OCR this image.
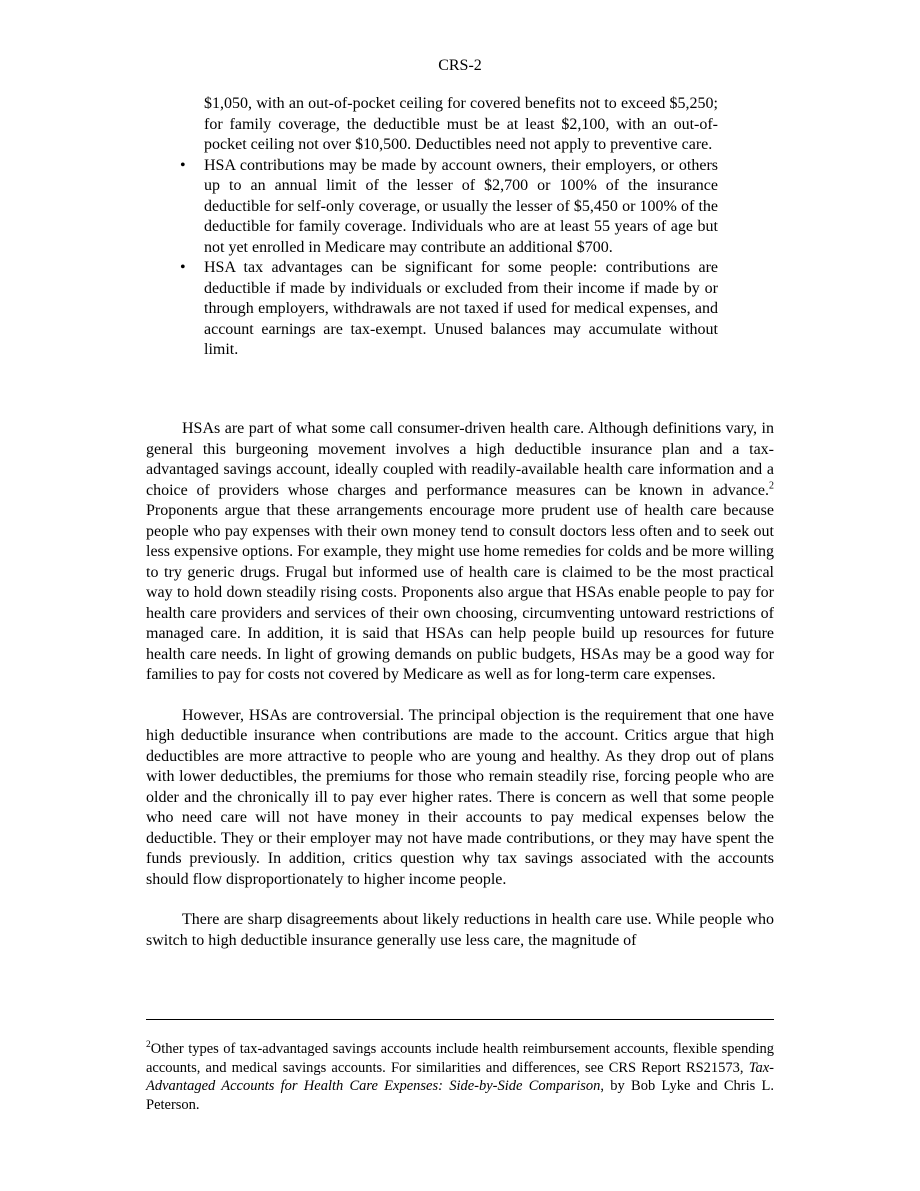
CRS-2
$1,050, with an out-of-pocket ceiling for covered benefits not to exceed $5,250; for family coverage, the deductible must be at least $2,100, with an out-of-pocket ceiling not over $10,500. Deductibles need not apply to preventive care.
• HSA contributions may be made by account owners, their employers, or others up to an annual limit of the lesser of $2,700 or 100% of the insurance deductible for self-only coverage, or usually the lesser of $5,450 or 100% of the deductible for family coverage. Individuals who are at least 55 years of age but not yet enrolled in Medicare may contribute an additional $700.
• HSA tax advantages can be significant for some people: contributions are deductible if made by individuals or excluded from their income if made by or through employers, withdrawals are not taxed if used for medical expenses, and account earnings are tax-exempt. Unused balances may accumulate without limit.

HSAs are part of what some call consumer-driven health care. Although definitions vary, in general this burgeoning movement involves a high deductible insurance plan and a tax-advantaged savings account, ideally coupled with readily-available health care information and a choice of providers whose charges and performance measures can be known in advance.$^2$ Proponents argue that these arrangements encourage more prudent use of health care because people who pay expenses with their own money tend to consult doctors less often and to seek out less expensive options. For example, they might use home remedies for colds and be more willing to try generic drugs. Frugal but informed use of health care is claimed to be the most practical way to hold down steadily rising costs. Proponents also argue that HSAs enable people to pay for health care providers and services of their own choosing, circumventing untoward restrictions of managed care. In addition, it is said that HSAs can help people build up resources for future health care needs. In light of growing demands on public budgets, HSAs may be a good way for families to pay for costs not covered by Medicare as well as for long-term care expenses.

However, HSAs are controversial. The principal objection is the requirement that one have high deductible insurance when contributions are made to the account. Critics argue that high deductibles are more attractive to people who are young and healthy. As they drop out of plans with lower deductibles, the premiums for those who remain steadily rise, forcing people who are older and the chronically ill to pay ever higher rates. There is concern as well that some people who need care will not have money in their accounts to pay medical expenses below the deductible. They or their employer may not have made contributions, or they may have spent the funds previously. In addition, critics question why tax savings associated with the accounts should flow disproportionately to higher income people.

There are sharp disagreements about likely reductions in health care use. While people who switch to high deductible insurance generally use less care, the magnitude of

$^2$Other types of tax-advantaged savings accounts include health reimbursement accounts, flexible spending accounts, and medical savings accounts. For similarities and differences, see CRS Report RS21573, Tax-Advantaged Accounts for Health Care Expenses: Side-by-Side Comparison, by Bob Lyke and Chris L. Peterson.
